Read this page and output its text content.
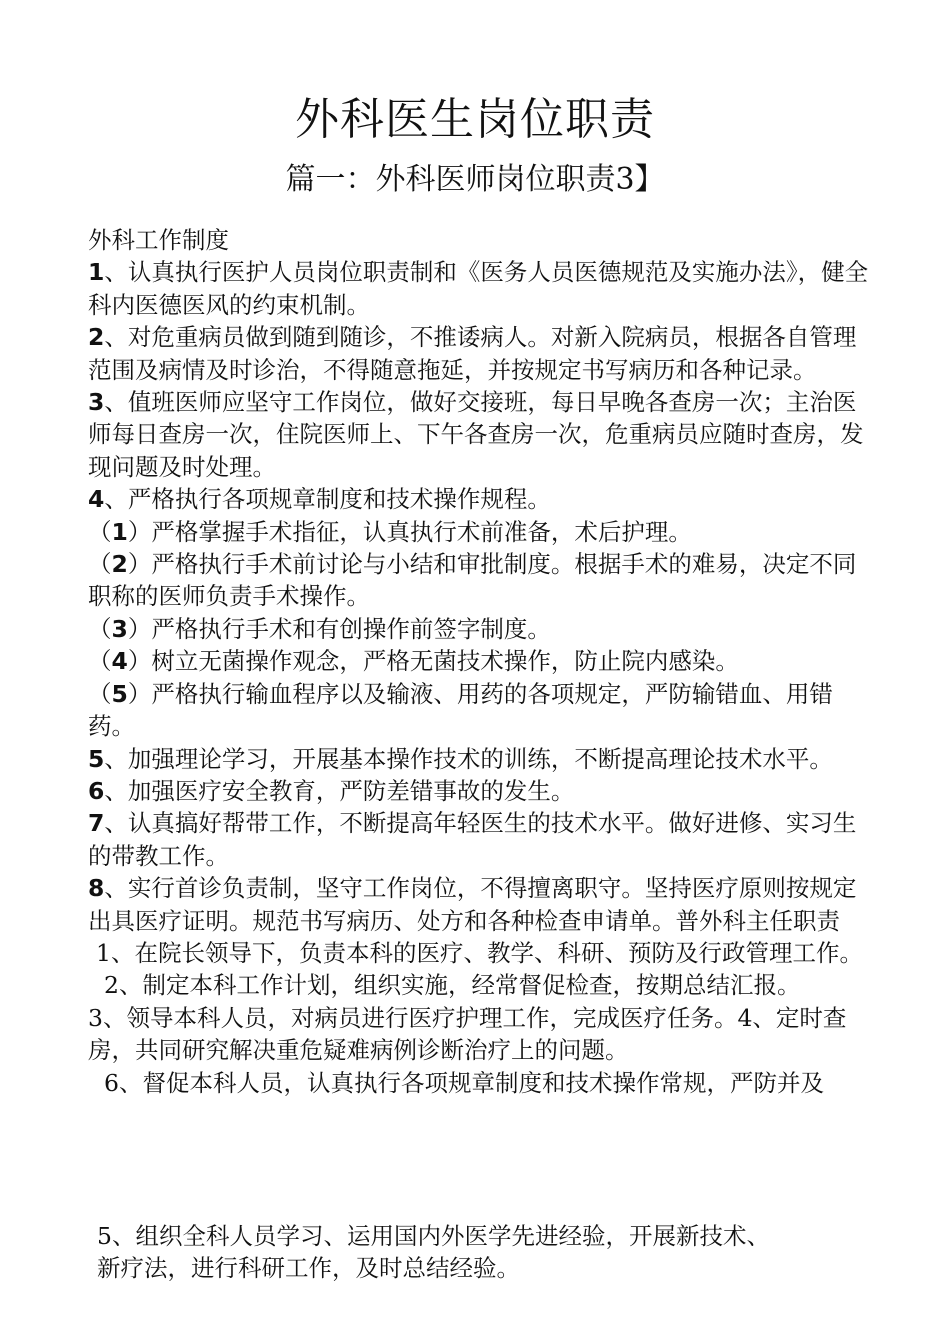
外科医生岗位职责
篇一：外科医师岗位职责3】

外科工作制度

1、认真执行医护人员岗位职责制和《医务人员医德规范及实施办法》，健全科内医德医风的约束机制。

2、对危重病员做到随到随诊，不推诿病人。对新入院病员，根据各自管理范围及病情及时诊治，不得随意拖延，并按规定书写病历和各种记录。

3、值班医师应坚守工作岗位，做好交接班，每日早晚各查房一次；主治医师每日查房一次，住院医师上、下午各查房一次，危重病员应随时查房，发现问题及时处理。

4、严格执行各项规章制度和技术操作规程。

（1）严格掌握手术指征，认真执行术前准备，术后护理。

（2）严格执行手术前讨论与小结和审批制度。根据手术的难易，决定不同职称的医师负责手术操作。

（3）严格执行手术和有创操作前签字制度。

（4）树立无菌操作观念，严格无菌技术操作，防止院内感染。

（5）严格执行输血程序以及输液、用药的各项规定，严防输错血、用错药。

5、加强理论学习，开展基本操作技术的训练，不断提高理论技术水平。

6、加强医疗安全教育，严防差错事故的发生。

7、认真搞好帮带工作，不断提高年轻医生的技术水平。做好进修、实习生的带教工作。

8、实行首诊负责制，坚守工作岗位，不得擅离职守。坚持医疗原则按规定出具医疗证明。规范书写病历、处方和各种检查申请单。普外科主任职责

1、在院长领导下，负责本科的医疗、教学、科研、预防及行政管理工作。

2、制定本科工作计划，组织实施，经常督促检查，按期总结汇报。

3、领导本科人员，对病员进行医疗护理工作，完成医疗任务。4、定时查房，共同研究解决重危疑难病例诊断治疗上的问题。

6、督促本科人员，认真执行各项规章制度和技术操作常规，严防并及

5、组织全科人员学习、运用国内外医学先进经验，开展新技术、

新疗法，进行科研工作，及时总结经验。
